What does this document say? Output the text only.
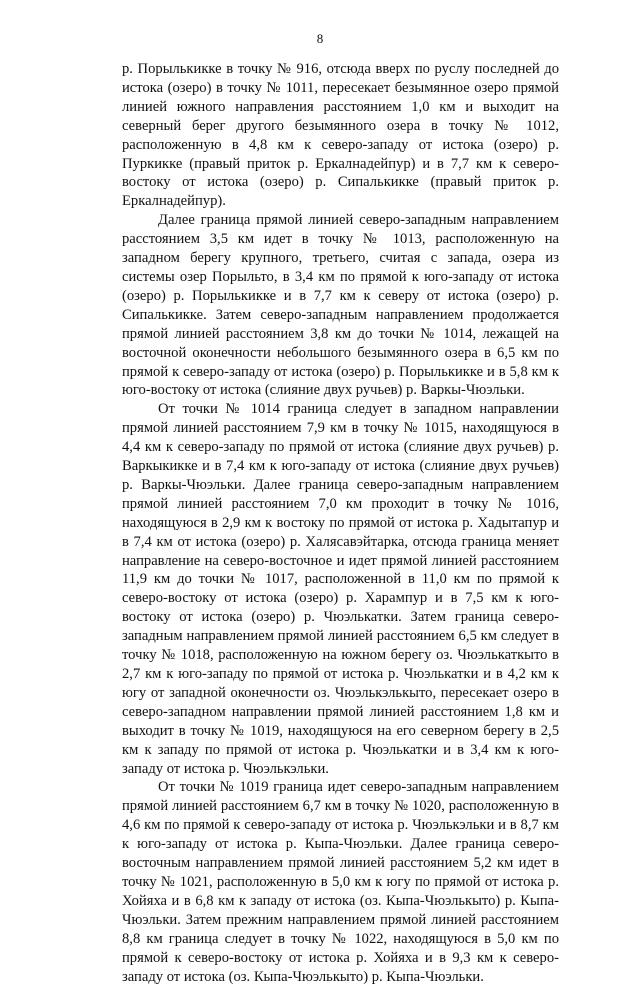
8

р. Порылькикке в точку № 916, отсюда вверх по руслу последней до истока (озеро) в точку № 1011, пересекает безымянное озеро прямой линией южного направления расстоянием 1,0 км и выходит на северный берег другого безымянного озера в точку № 1012, расположенную в 4,8 км к северо-западу от истока (озеро) р. Пуркикке (правый приток р. Еркалнадейпур) и в 7,7 км к северо-востоку от истока (озеро) р. Сипалькикке (правый приток р. Еркалнадейпур).

Далее граница прямой линией северо-западным направлением расстоянием 3,5 км идет в точку № 1013, расположенную на западном берегу крупного, третьего, считая с запада, озера из системы озер Порыльто, в 3,4 км по прямой к юго-западу от истока (озеро) р. Порылькикке и в 7,7 км к северу от истока (озеро) р. Сипалькикке. Затем северо-западным направлением продолжается прямой линией расстоянием 3,8 км до точки № 1014, лежащей на восточной оконечности небольшого безымянного озера в 6,5 км по прямой к северо-западу от истока (озеро) р. Порылькикке и в 5,8 км к юго-востоку от истока (слияние двух ручьев) р. Варкы-Чюэльки.

От точки № 1014 граница следует в западном направлении прямой линией расстоянием 7,9 км в точку № 1015, находящуюся в 4,4 км к северо-западу по прямой от истока (слияние двух ручьев) р. Варкыкикке и в 7,4 км к юго-западу от истока (слияние двух ручьев) р. Варкы-Чюэльки. Далее граница северо-западным направлением прямой линией расстоянием 7,0 км проходит в точку № 1016, находящуюся в 2,9 км к востоку по прямой от истока р. Хадытапур и в 7,4 км от истока (озеро) р. Халясавэйтарка, отсюда граница меняет направление на северо-восточное и идет прямой линией расстоянием 11,9 км до точки № 1017, расположенной в 11,0 км по прямой к северо-востоку от истока (озеро) р. Харампур и в 7,5 км к юго-востоку от истока (озеро) р. Чюэлькатки. Затем граница северо-западным направлением прямой линией расстоянием 6,5 км следует в точку № 1018, расположенную на южном берегу оз. Чюэлькаткыто в 2,7 км к юго-западу по прямой от истока р. Чюэлькатки и в 4,2 км к югу от западной оконечности оз. Чюэлькэлькыто, пересекает озеро в северо-западном направлении прямой линией расстоянием 1,8 км и выходит в точку № 1019, находящуюся на его северном берегу в 2,5 км к западу по прямой от истока р. Чюэлькатки и в 3,4 км к юго-западу от истока р. Чюэлькэльки.

От точки № 1019 граница идет северо-западным направлением прямой линией расстоянием 6,7 км в точку № 1020, расположенную в 4,6 км по прямой к северо-западу от истока р. Чюэлькэльки и в 8,7 км к юго-западу от истока р. Кыпа-Чюэльки. Далее граница северо-восточным направлением прямой линией расстоянием 5,2 км идет в точку № 1021, расположенную в 5,0 км к югу по прямой от истока р. Хойяха и в 6,8 км к западу от истока (оз. Кыпа-Чюэлькыто) р. Кыпа-Чюэльки. Затем прежним направлением прямой линией расстоянием 8,8 км граница следует в точку № 1022, находящуюся в 5,0 км по прямой к северо-востоку от истока р. Хойяха и в 9,3 км к северо-западу от истока (оз. Кыпа-Чюэлькыто) р. Кыпа-Чюэльки.
